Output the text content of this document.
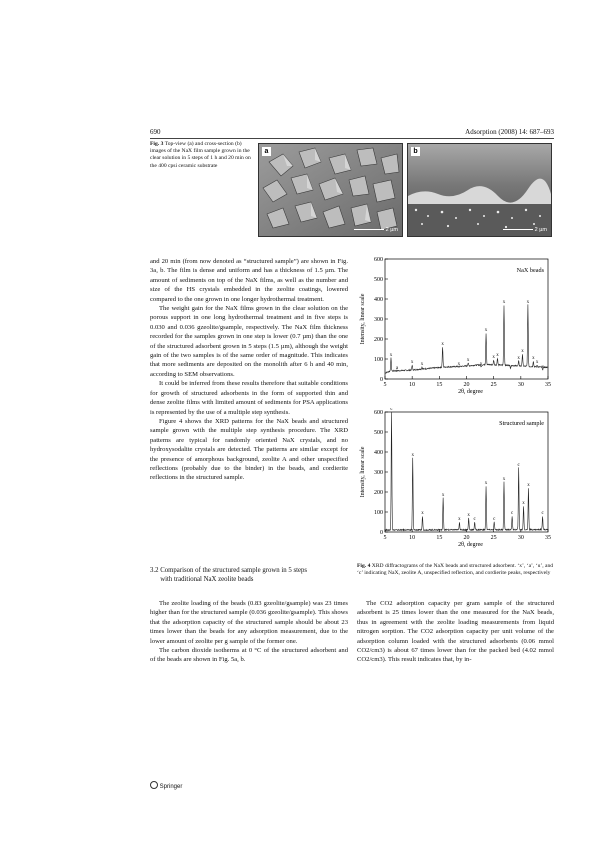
690	Adsorption (2008) 14: 687–693
Fig. 3 Top-view (a) and cross-section (b) images of the NaX film sample grown in the clear solution in 5 steps of 1 h and 20 min on the 400 cpsi ceramic substrate
a
2 µm
b
2 µm

and 20 min (from now denoted as “structured sample”) are shown in Fig. 3a, b. The film is dense and uniform and has a thickness of 1.5 µm. The amount of sediments on top of the NaX films, as well as the number and size of the HS crystals embedded in the zeolite coatings, lowered compared to the one grown in one longer hydrothermal treatment.

The weight gain for the NaX films grown in the clear solution on the porous support in one long hydrothermal treatment and in five steps is 0.030 and 0.036 gzeolite/gsample, respectively. The NaX film thickness recorded for the samples grown in one step is lower (0.7 µm) than the one of the structured adsorbent grown in 5 steps (1.5 µm), although the weight gain of the two samples is of the same order of magnitude. This indicates that more sediments are deposited on the monolith after 6 h and 40 min, according to SEM observations.

It could be inferred from these results therefore that suitable conditions for growth of structured adsorbents in the form of supported thin and dense zeolite films with limited amount of sediments for PSA applications is represented by the use of a multiple step synthesis.

Figure 4 shows the XRD patterns for the NaX beads and structured sample grown with the multiple step synthesis procedure. The XRD patterns are typical for randomly oriented NaX crystals, and no hydroxysodalite crystals are detected. The patterns are similar except for the presence of amorphous background, zeolite A and other unspecified reflections (probably due to the binder) in the beads, and cordierite reflections in the structured sample.

3.2 Comparison of the structured sample grown in 5 steps
with traditional NaX zeolite beads

The zeolite loading of the beads (0.83 gzeolite/gsample) was 23 times higher than for the structured sample (0.036 gzeolite/gsample). This shows that the adsorption capacity of the structured sample should be about 23 times lower than the beads for any adsorption measurement, due to the lower amount of zeolite per g sample of the former one.

The carbon dioxide isotherms at 0 °C of the structured adsorbent and of the beads are shown in Fig. 5a, b.

The CO2 adsorption capacity per gram sample of the structured adsorbent is 25 times lower than the one measured for the NaX beads, thus in agreement with the zeolite loading measurements from liquid nitrogen sorption. The CO2 adsorption capacity per unit volume of the adsorption column loaded with the structured adsorbents (0.06 mmol CO2/cm3) is about 67 times lower than for the packed bed (4.02 mmol CO2/cm3). This result indicates that, by in-

0
100
200
300
400
500
600
5	10	15	20	25	30	35
2θ, degree
Intensity, linear scale
NaX beads
x
a
x x
x
x
x
x
x
x x
x
x
x
x
x
x
x
0
100
200
300
400
500
600
5	10	15	20	25	30	35
2θ, degree
Intensity, linear scale
Structured sample
c
x
x
x
x
x
c
x
c
x
c
c
x
x
c
Fig. 4 XRD diffractograms of the NaX beads and structured adsorbent. ‘x’, ‘a’, ‘u’, and ‘c’ indicating NaX, zeolite A, unspecified reflection, and cordierite peaks, respectively
Springer
